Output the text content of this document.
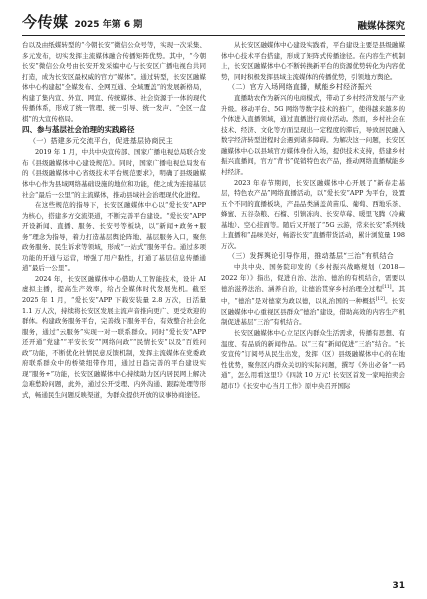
今传媒 2025 年第 6 期	融媒体探究

台以及由纸媒转型的“今朝长安”微信公众号等，实现一次采集、多元发布，切实发挥主流媒体融合传播矩阵优势。其中，“今朝长安”微信公众号由长安开发采编中心与长安区广播电视台共同打造，成为长安区最权威的官方“媒体”。通过转型，长安区融媒体中心构建起“全媒发布、全网互通、全域覆盖”的发展新格局，构建了集内宣、外宣、网宣、传统媒体、社会资源于一体的现代传播体系，形成了统一管理、统一引导、统一发声、“全区一盘棋”的大宣传格局。

四、参与基层社会治理的实践路径

（一）搭建多元交流平台，促进基层协商民主

2019 年 1 月，中共中央宣传部、国家广播电视总局联合发布《县级融媒体中心建设规范》。同时，国家广播电视总局发布的《县级融媒体中心省级技术平台规范要求》，明确了县级融媒体中心作为县域网络基础设施的地位和功能，使之成为连接基层社会“最后一公里”的主流媒体，推动县域社会治理现代化进程。

在这些规范的指导下，长安区融媒体中心以“爱长安”APP 为核心，搭建多方交流渠道，不断完善平台建设。“爱长安”APP 开设新闻、直播、服务、长安号等板块，以“新闻+政务+服务”理念为指导，着力打造基层舆论阵地、基层服务入口，聚焦政务服务、民生诉求等领域，形成“一站式”服务平台。通过多项功能的开通与运营，增强了用户黏性，打通了基层信息传播通道“最后一公里”。

2024 年，长安区融媒体中心借助人工智能技术，设计 AI 虚拟主播，提高生产效率，给占全媒体时代发展先机。截至 2025 年 1 月，“爱长安”APP 下载安装量 2.8 万次，日活量 1.1 万人次，持续将长安区发展主流声音推向更广、更受欢迎的群体。构建政务服务平台，完善线下服务平台，有效整合社会化服务，通过“云服务”实现一对一联系群众。同时“爱长安”APP 还开通“党建”“平安长安”“网络问政”“民情长安”以及“百姓问政”功能，不断优化社情民意反馈机制，发挥主流媒体在党委政府联系群众中的桥梁纽带作用，通过日趋完善的平台建设实现“服务+”功能，长安区融媒体中心持续助力区内居民网上解决急难愁盼问题，此外，通过公开受理、内外沟通、跟踪处理等形式，畅通民生问题反映渠道，为群众提供开放的议事协商途径。

从长安区融媒体中心建设实践看，平台建设主要是县级融媒体中心技术平台搭建，形成了矩阵式传播途径。在内容生产机制上，长安区融媒体中心不断转换新平台的资源优势转化为内容优势，同时积极发挥县域主流媒体的传播优势，引领地方舆论。

（二）官方入场网络直播，赋能乡村经济振兴

直播助农作为新兴的电商模式，带动了乡村经济发展与产业升级。移动平台、5G 网络等数字技术的推广，使得越来越多的个体进入直播领域，通过直播进行商业活动。然而，乡村社会在技术、经济、文化等方面呈现出一定程度的滞后，导致居民融入数字经济转型进程时会遇到诸多障碍。为解决这一问题，长安区融媒体中心以县域官方媒体身份入场，提供技术支持，搭建乡村振兴直播间，官方“背书”促销特色农产品，推动网络直播赋能乡村经济。

2023 年春节期间，长安区融媒体中心开展了“新春走基层，特色农产品”网络直播活动，以“爱长安”APP 为平台，设置五个不同的直播板块，产品品类涵盖黄苗瓜、葡萄、西地乐茶、蜂蜜、五谷杂粮、石榴、引镇冻肉、长安草莓、暖里飞腾（冷藏基地）、空心挂面等。随后又开展了“5G 云游，常来长安”系列线上直播和“品味美好，畅游长安”直播带货活动，累计浏览量 198 万次。

（三）发挥舆论引导作用，推动基层“三治”有机结合

中共中央、国务院印发的《乡村振兴战略规划（2018—2022 年）》指出，促进自治、法治、德治的有机结合，需要以德治滋养法治、涵养自治，让德治贯穿乡村治理全过程[11]。其中，“德治”是对德家为政以德，以礼治国的一种概括[12]。长安区融媒体中心重视区县群众“德治”建设，借助高效的内容生产机制促进基层“三治”有机结合。

长安区融媒体中心立足区内群众生活需求，传播有思想、有温度、有品质的新闻作品。以“三有”新闻促进“三治”结合。“长安宣传”订阅号从民生出发，发挥（区）县级融媒体中心的在地性优势，聚焦区内群众关切的实际问题，撰写《外出必备“一码通”，怎么用看这里!》《四款 10 万元! 长安区首发一家吨拍卖会超市!》《长安中心当月工作》原中央召开国际

31
